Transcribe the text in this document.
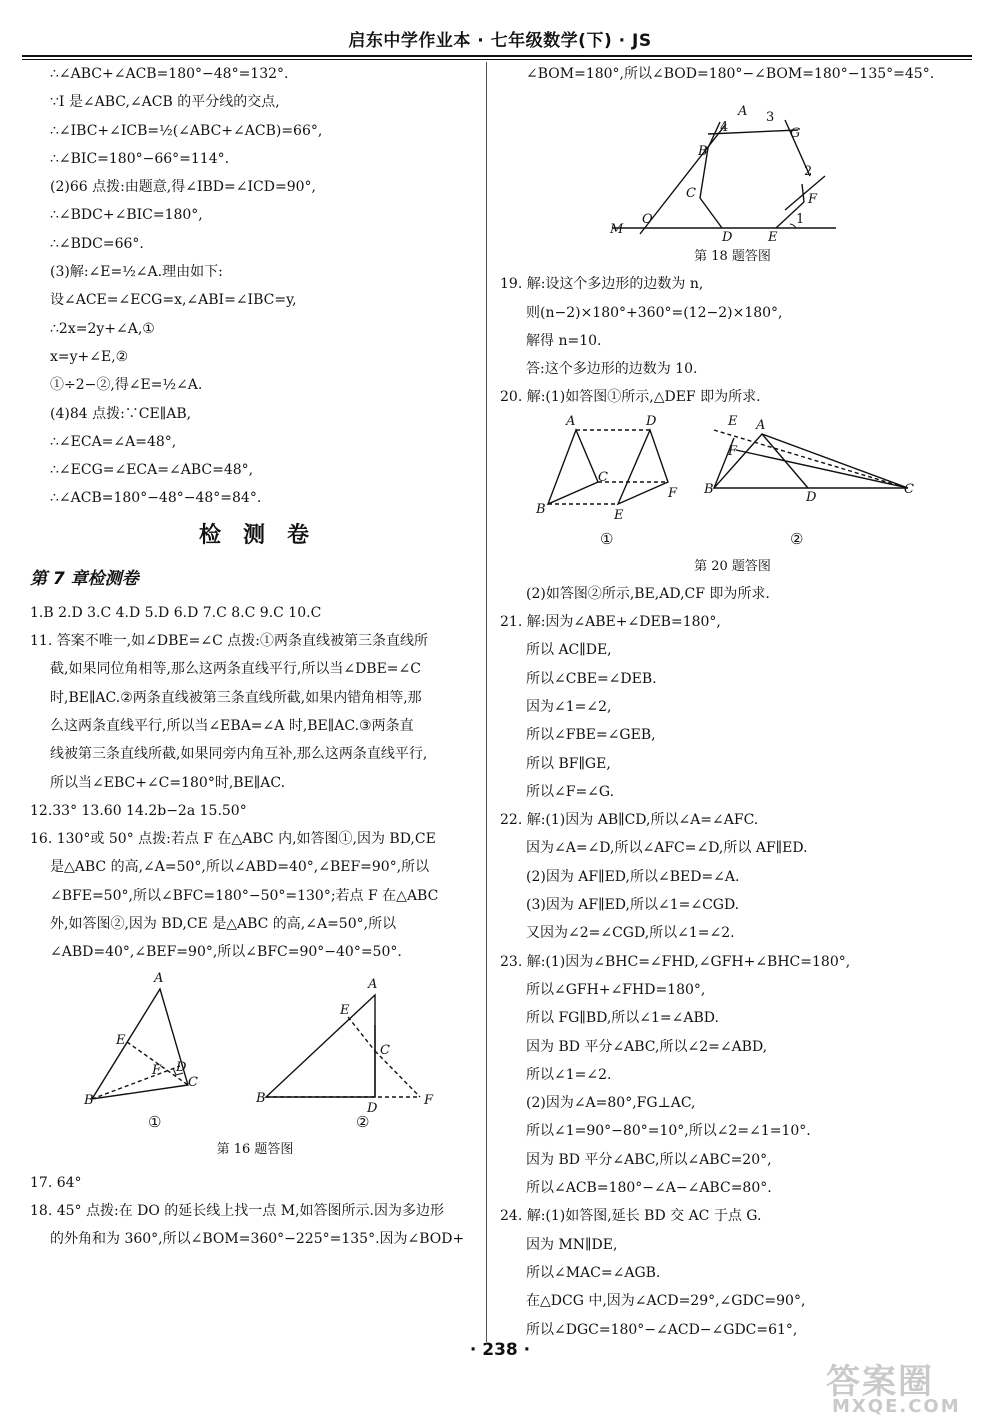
启东中学作业本 · 七年级数学(下) · JS
∴∠ABC+∠ACB=180°−48°=132°.
∵I 是∠ABC,∠ACB 的平分线的交点,
∴∠IBC+∠ICB=½(∠ABC+∠ACB)=66°,
∴∠BIC=180°−66°=114°.
(2)66 点拨:由题意,得∠IBD=∠ICD=90°,
∴∠BDC+∠BIC=180°,
∴∠BDC=66°.
(3)解:∠E=½∠A.理由如下:
设∠ACE=∠ECG=x,∠ABI=∠IBC=y,
∴2x=2y+∠A,①
x=y+∠E,②
①÷2−②,得∠E=½∠A.
(4)84 点拨:∵CE∥AB,
∴∠ECA=∠A=48°,
∴∠ECG=∠ECA=∠ABC=48°,
∴∠ACB=180°−48°−48°=84°.
检测卷
第 7 章检测卷
1.B 2.D 3.C 4.D 5.D 6.D 7.C 8.C 9.C 10.C
11. 答案不唯一,如∠DBE=∠C 点拨:①两条直线被第三条直线所
截,如果同位角相等,那么这两条直线平行,所以当∠DBE=∠C
时,BE∥AC.②两条直线被第三条直线所截,如果内错角相等,那
么这两条直线平行,所以当∠EBA=∠A 时,BE∥AC.③两条直
线被第三条直线所截,如果同旁内角互补,那么这两条直线平行,
所以当∠EBC+∠C=180°时,BE∥AC.
12.33° 13.60 14.2b−2a 15.50°
16. 130°或 50° 点拨:若点 F 在△ABC 内,如答图①,因为 BD,CE
是△ABC 的高,∠A=50°,所以∠ABD=40°,∠BEF=90°,所以
∠BFE=50°,所以∠BFC=180°−50°=130°;若点 F 在△ABC
外,如答图②,因为 BD,CE 是△ABC 的高,∠A=50°,所以
∠ABD=40°,∠BEF=90°,所以∠BFC=90°−40°=50°.
A
E
F D
C
B
①
A
E
C
B
D
F
②
第 16 题答图
17. 64°
18. 45° 点拨:在 DO 的延长线上找一点 M,如答图所示.因为多边形
的外角和为 360°,所以∠BOM=360°−225°=135°.因为∠BOD+
∠BOM=180°,所以∠BOD=180°−∠BOM=180°−135°=45°.
A 3
4	G
B
2
C	F
1
M
O
D	E
第 18 题答图
19. 解:设这个多边形的边数为 n,
则(n−2)×180°+360°=(12−2)×180°,
解得 n=10.
答:这个多边形的边数为 10.
20. 解:(1)如答图①所示,△DEF 即为所求.
A	D
C
F
B	E
①
E A
F
B
D
C
②
第 20 题答图
(2)如答图②所示,BE,AD,CF 即为所求.
21. 解:因为∠ABE+∠DEB=180°,
所以 AC∥DE,
所以∠CBE=∠DEB.
因为∠1=∠2,
所以∠FBE=∠GEB,
所以 BF∥GE,
所以∠F=∠G.
22. 解:(1)因为 AB∥CD,所以∠A=∠AFC.
因为∠A=∠D,所以∠AFC=∠D,所以 AF∥ED.
(2)因为 AF∥ED,所以∠BED=∠A.
(3)因为 AF∥ED,所以∠1=∠CGD.
又因为∠2=∠CGD,所以∠1=∠2.
23. 解:(1)因为∠BHC=∠FHD,∠GFH+∠BHC=180°,
所以∠GFH+∠FHD=180°,
所以 FG∥BD,所以∠1=∠ABD.
因为 BD 平分∠ABC,所以∠2=∠ABD,
所以∠1=∠2.
(2)因为∠A=80°,FG⊥AC,
所以∠1=90°−80°=10°,所以∠2=∠1=10°.
因为 BD 平分∠ABC,所以∠ABC=20°,
所以∠ACB=180°−∠A−∠ABC=80°.
24. 解:(1)如答图,延长 BD 交 AC 于点 G.
因为 MN∥DE,
所以∠MAC=∠AGB.
在△DCG 中,因为∠ACD=29°,∠GDC=90°,
所以∠DGC=180°−∠ACD−∠GDC=61°,
· 238 ·
答案圈
MXQE.COM
